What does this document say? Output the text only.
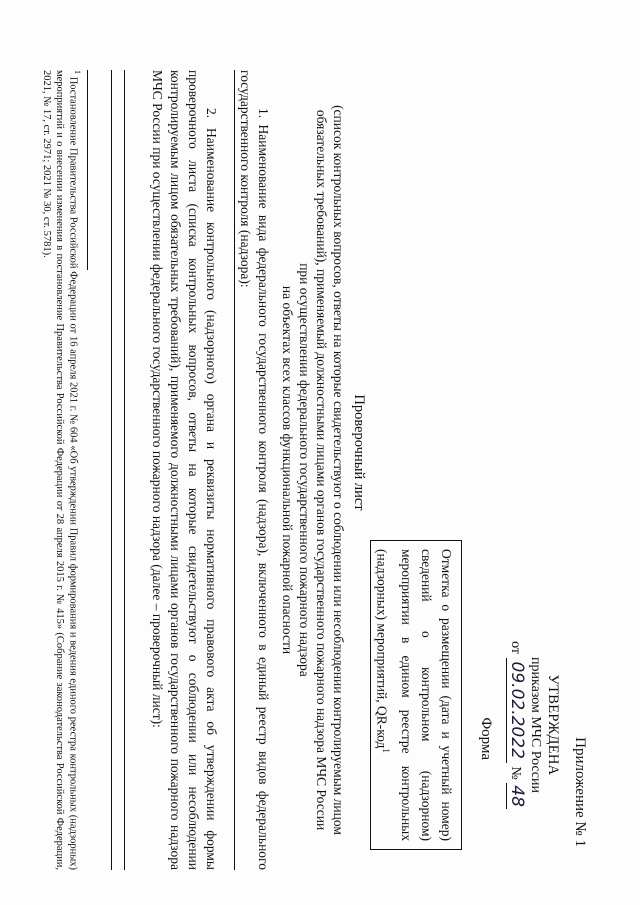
Приложение № 1
УТВЕРЖДЕНА
приказом МЧС России
от 09.02.2022 № 48
Форма
Отметка о размещении (дата и учетный номер) сведений о контрольном (надзорном) мероприятии в едином реестре контрольных (надзорных) мероприятий, QR-код$^1$
Проверочный лист
(список контрольных вопросов, ответы на которые свидетельствуют о соблюдении или несоблюдении контролируемым лицом обязательных требований), применяемый должностными лицами органов государственного пожарного надзора МЧС России
при осуществлении федерального государственного пожарного надзора
на объектах всех классов функциональной пожарной опасности
1. Наименование вида федерального государственного контроля (надзора), включенного в единый реестр видов федерального государственного контроля (надзора):
2. Наименование контрольного (надзорного) органа и реквизиты нормативного правового акта об утверждении формы проверочного листа (списка контрольных вопросов, ответы на которые свидетельствуют о соблюдении или несоблюдении контролируемым лицом обязательных требований), применяемого должностными лицами органов государственного пожарного надзора МЧС России при осуществлении федерального государственного пожарного надзора (далее – проверочный лист):
$^1$ Постановление Правительства Российской Федерации от 16 апреля 2021 г. № 604 «Об утверждении Правил формирования и ведения единого реестра контрольных (надзорных) мероприятий и о внесении изменения в постановление Правительства Российской Федерации от 28 апреля 2015 г. № 415» (Собрание законодательства Российской Федерации, 2021, № 17, ст. 2971; 2021 № 30, ст. 5781).
